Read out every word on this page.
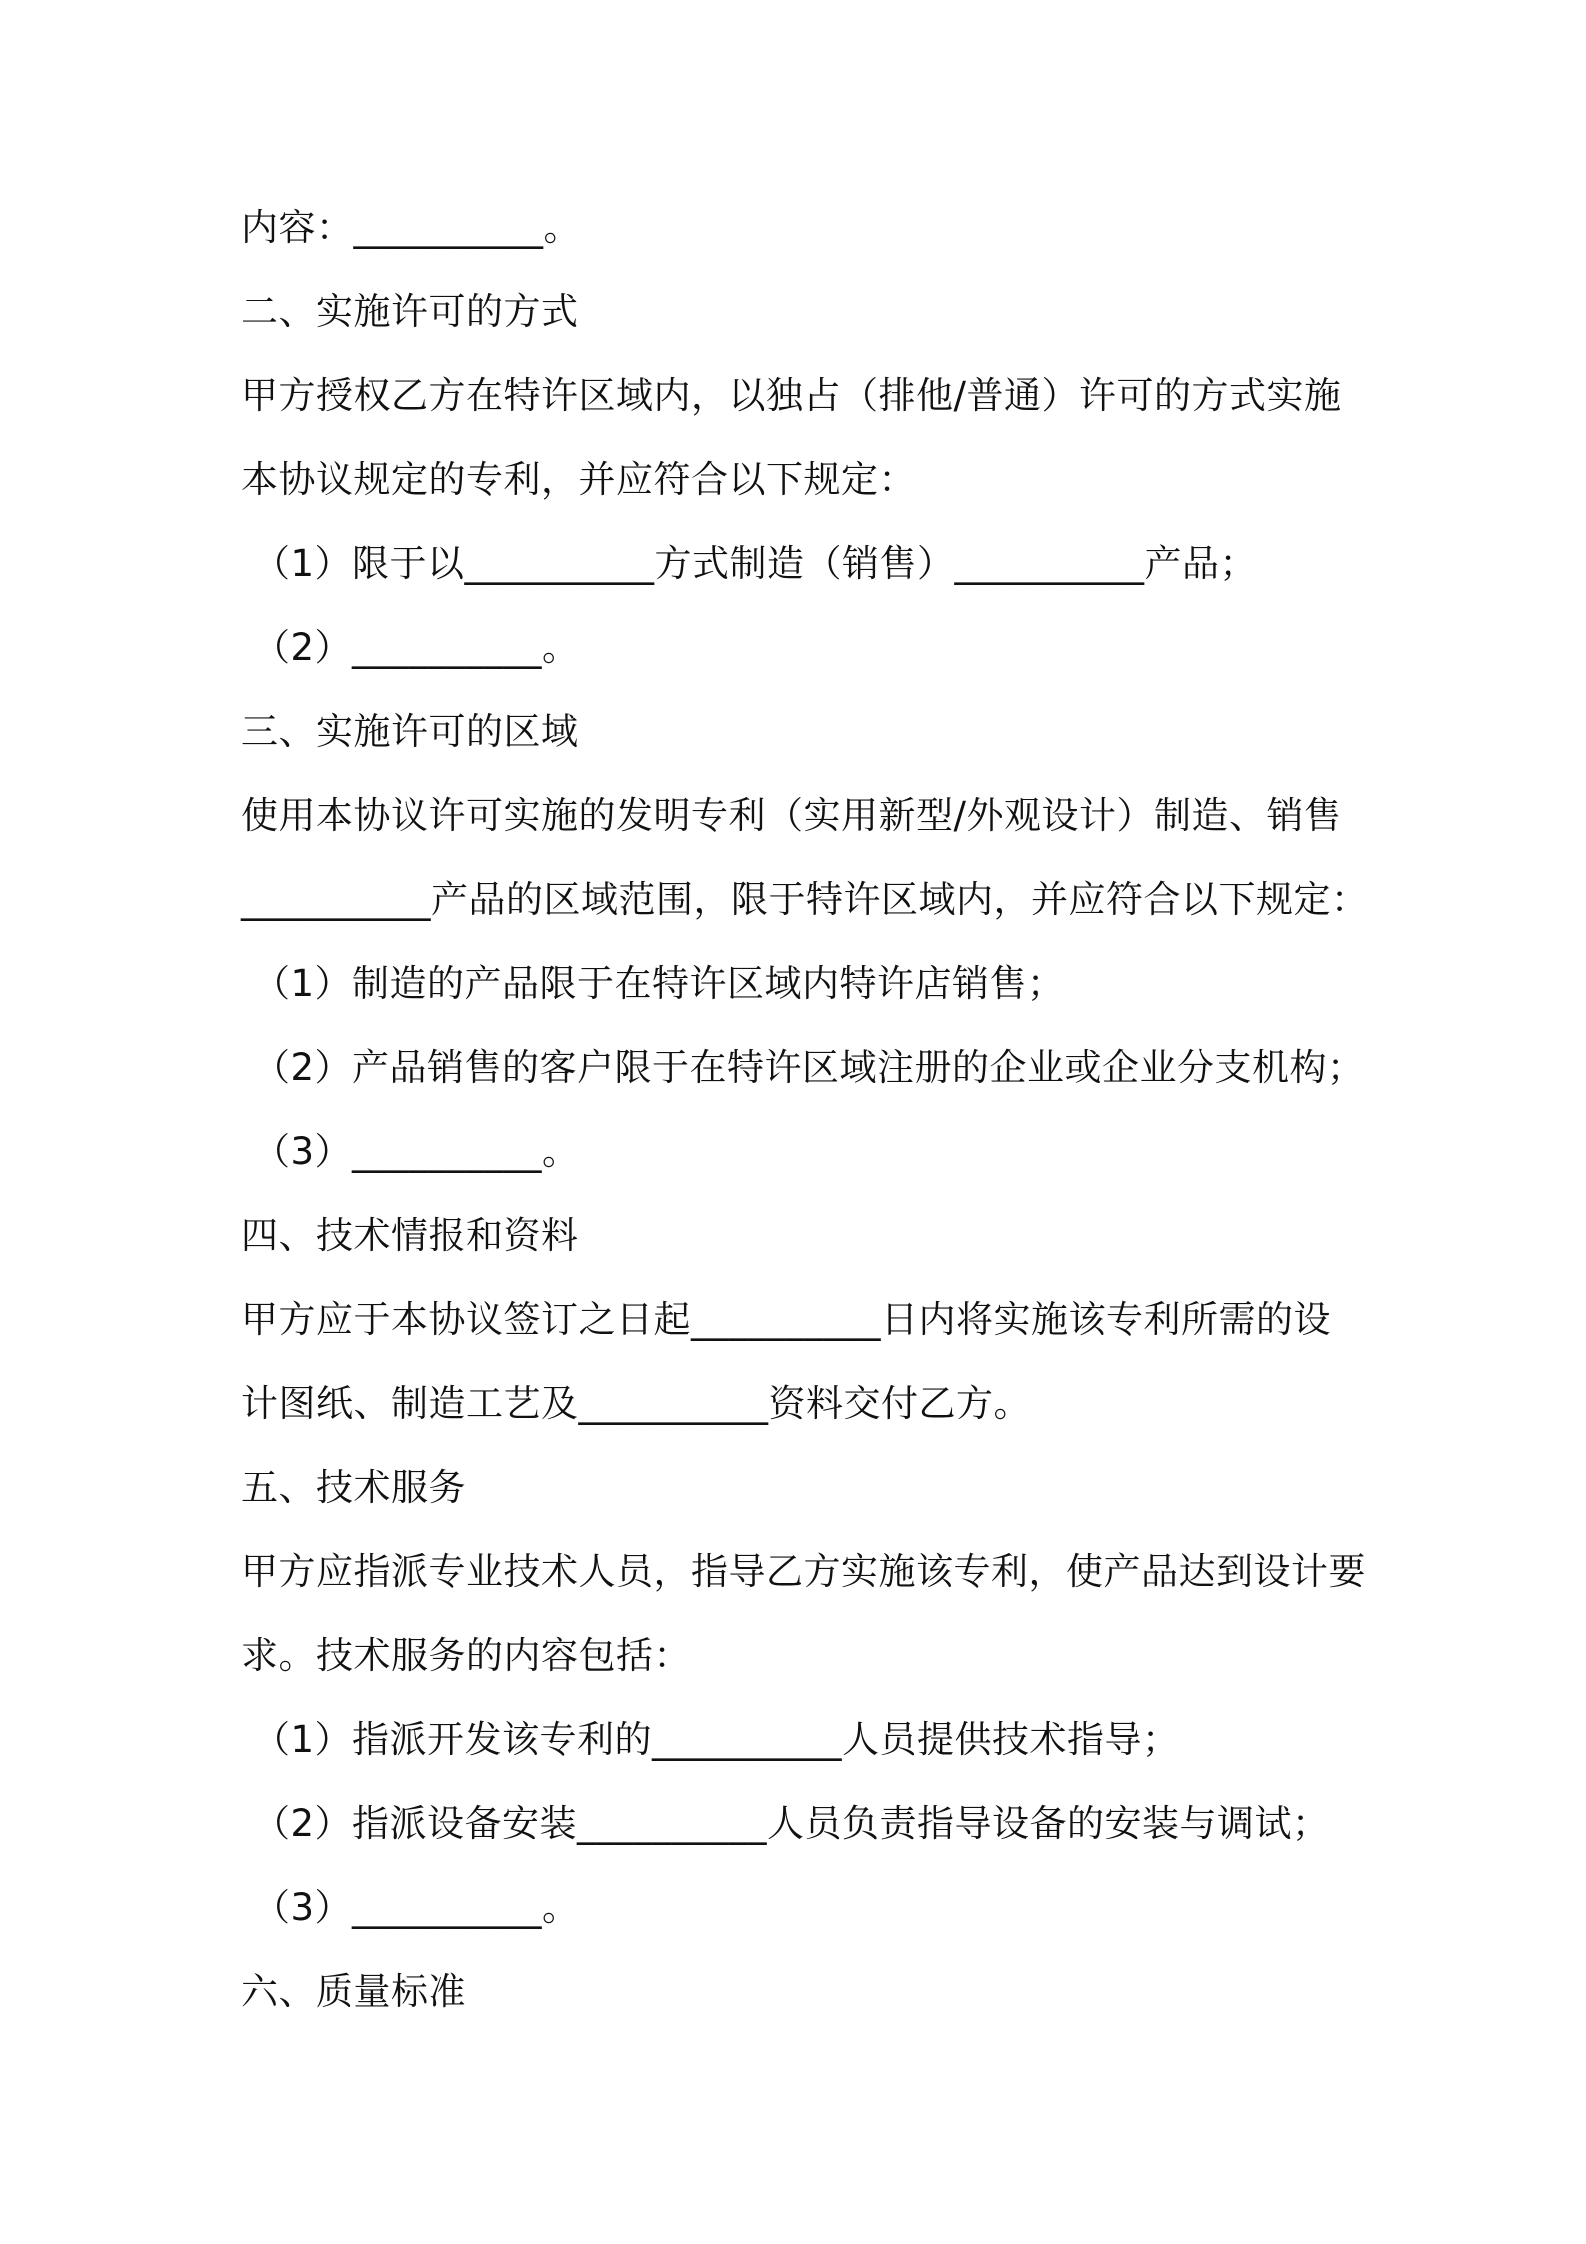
内容：__________。
二、实施许可的方式
甲方授权乙方在特许区域内，以独占（排他/普通）许可的方式实施
本协议规定的专利，并应符合以下规定：
（1）限于以__________方式制造（销售）__________产品；
（2）__________。
三、实施许可的区域
使用本协议许可实施的发明专利（实用新型/外观设计）制造、销售
__________产品的区域范围，限于特许区域内，并应符合以下规定：
（1）制造的产品限于在特许区域内特许店销售；
（2）产品销售的客户限于在特许区域注册的企业或企业分支机构；
（3）__________。
四、技术情报和资料
甲方应于本协议签订之日起__________日内将实施该专利所需的设
计图纸、制造工艺及__________资料交付乙方。
五、技术服务
甲方应指派专业技术人员，指导乙方实施该专利，使产品达到设计要
求。技术服务的内容包括：
（1）指派开发该专利的__________人员提供技术指导；
（2）指派设备安装__________人员负责指导设备的安装与调试；
（3）__________。
六、质量标准
